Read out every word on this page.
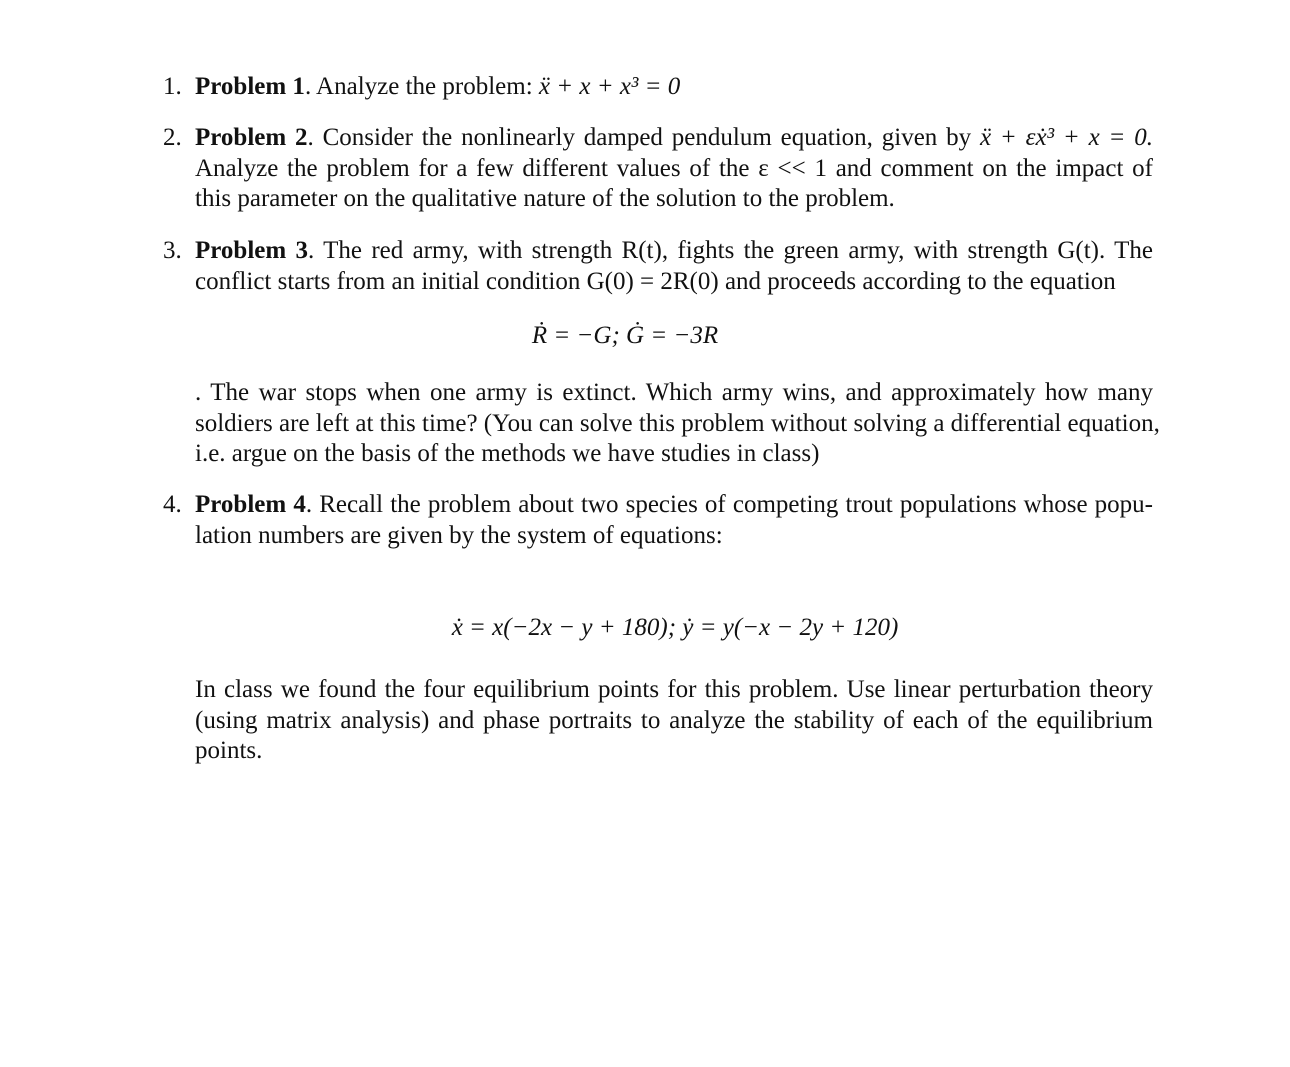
1. Problem 1. Analyze the problem: ẍ + x + x³ = 0
2. Problem 2. Consider the nonlinearly damped pendulum equation, given by ẍ + εẋ³ + x = 0.
Analyze the problem for a few different values of the ε << 1 and comment on the impact of
this parameter on the qualitative nature of the solution to the problem.
3. Problem 3. The red army, with strength R(t), fights the green army, with strength G(t). The
conflict starts from an initial condition G(0) = 2R(0) and proceeds according to the equation
Ṙ = −G; Ġ = −3R
. The war stops when one army is extinct. Which army wins, and approximately how many
soldiers are left at this time? (You can solve this problem without solving a differential equation,
i.e. argue on the basis of the methods we have studies in class)
4. Problem 4. Recall the problem about two species of competing trout populations whose popu-
lation numbers are given by the system of equations:
ẋ = x(−2x − y + 180); ẏ = y(−x − 2y + 120)
In class we found the four equilibrium points for this problem. Use linear perturbation theory
(using matrix analysis) and phase portraits to analyze the stability of each of the equilibrium
points.
